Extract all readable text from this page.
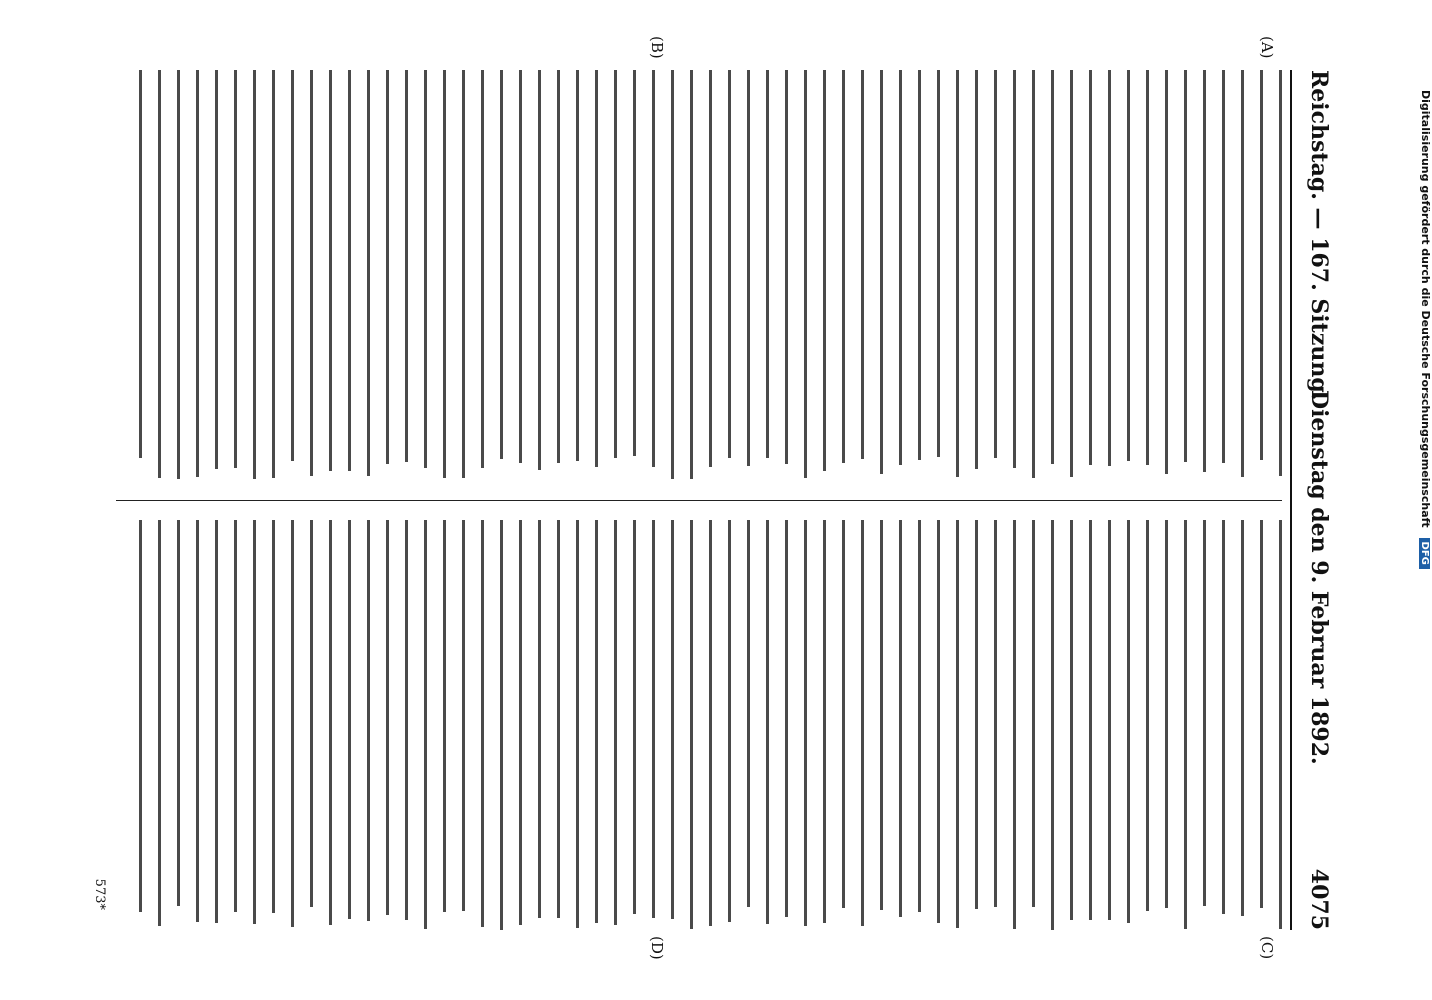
Reichstag. — 167. Sitzung.
Dienstag den 9. Februar 1892.
4075
(A)
(B)
(C)
(D)
573*
Digitalisierung gefördert durch die Deutsche Forschungsgemeinschaft DFG
